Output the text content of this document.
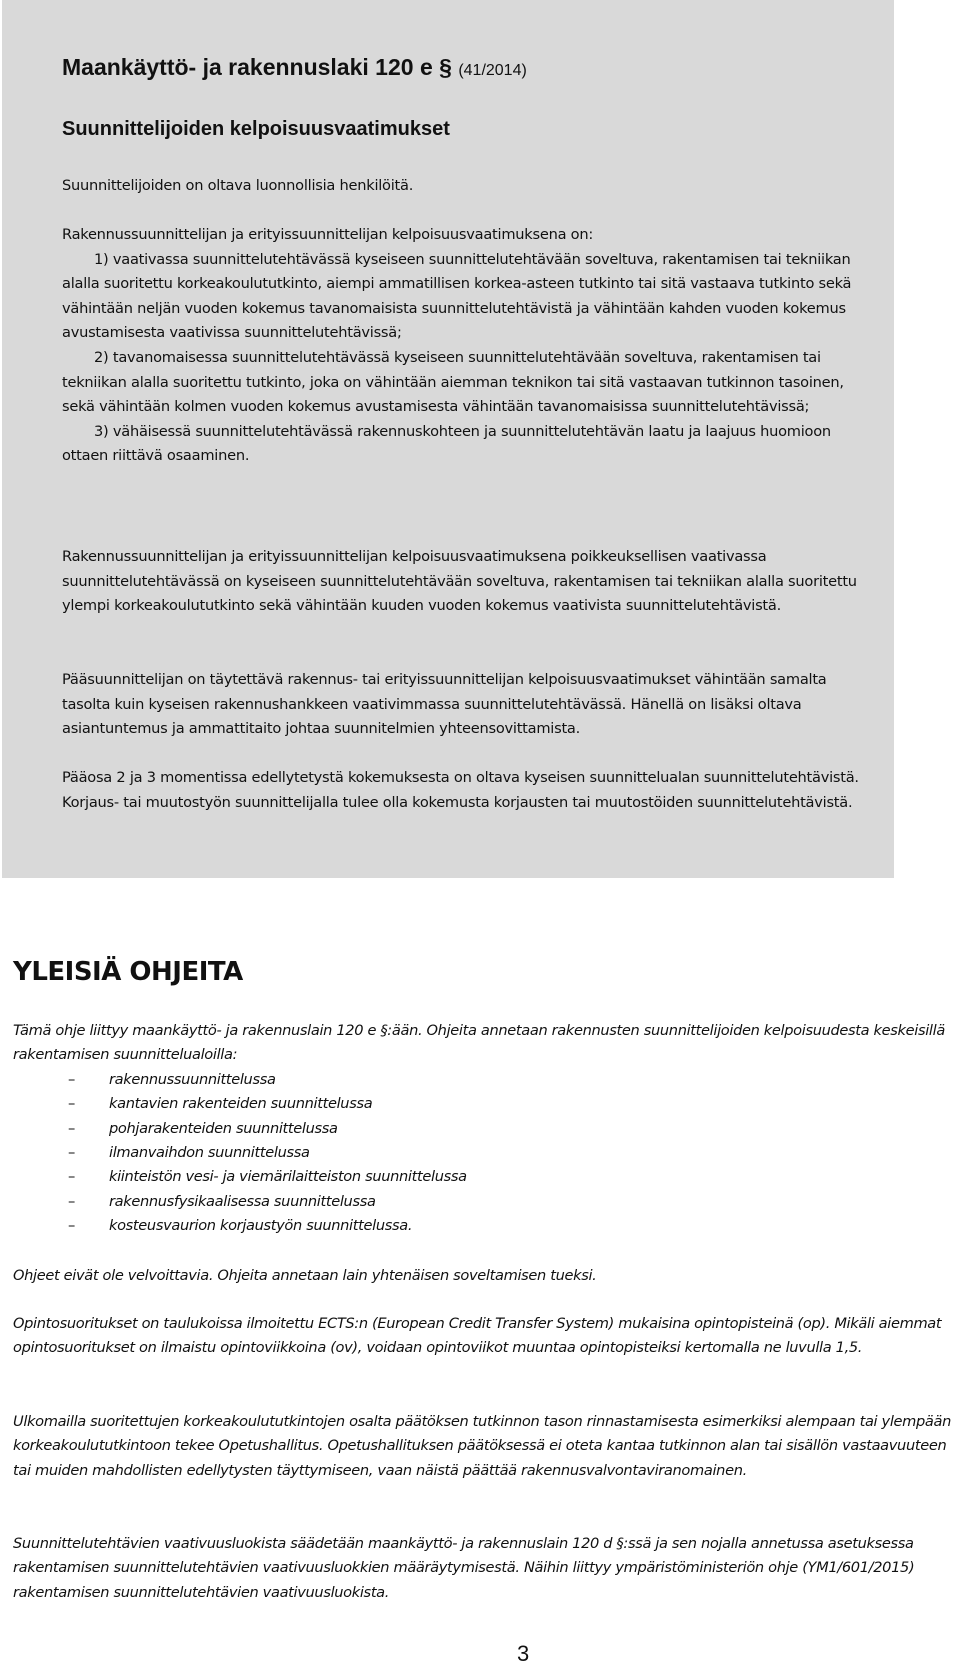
Maankäyttö- ja rakennuslaki 120 e § (41/2014)
Suunnittelijoiden kelpoisuusvaatimukset

Suunnittelijoiden on oltava luonnollisia henkilöitä.

Rakennussuunnittelijan ja erityissuunnittelijan kelpoisuusvaatimuksena on:

1) vaativassa suunnittelutehtävässä kyseiseen suunnittelutehtävään soveltuva, rakentamisen tai tekniikan alalla suoritettu korkeakoulututkinto, aiempi ammatillisen korkea-asteen tutkinto tai sitä vastaava tutkinto sekä vähintään neljän vuoden kokemus tavanomaisista suunnittelutehtävistä ja vähintään kahden vuoden kokemus avustamisesta vaativissa suunnittelutehtävissä;

2) tavanomaisessa suunnittelutehtävässä kyseiseen suunnittelutehtävään soveltuva, rakentamisen tai tekniikan alalla suoritettu tutkinto, joka on vähintään aiemman teknikon tai sitä vastaavan tutkinnon tasoinen, sekä vähintään kolmen vuoden kokemus avustamisesta vähintään tavanomaisissa suunnittelutehtävissä;

3) vähäisessä suunnittelutehtävässä rakennuskohteen ja suunnittelutehtävän laatu ja laajuus huomioon ottaen riittävä osaaminen.

Rakennussuunnittelijan ja erityissuunnittelijan kelpoisuusvaatimuksena poikkeuksellisen vaativassa suunnittelutehtävässä on kyseiseen suunnittelutehtävään soveltuva, rakentamisen tai tekniikan alalla suoritettu ylempi korkeakoulututkinto sekä vähintään kuuden vuoden kokemus vaativista suunnittelutehtävistä.

Pääsuunnittelijan on täytettävä rakennus- tai erityissuunnittelijan kelpoisuusvaatimukset vähintään samalta tasolta kuin kyseisen rakennushankkeen vaativimmassa suunnittelutehtävässä. Hänellä on lisäksi oltava asiantuntemus ja ammattitaito johtaa suunnitelmien yhteensovittamista.

Pääosa 2 ja 3 momentissa edellytetystä kokemuksesta on oltava kyseisen suunnittelualan suunnittelutehtävistä. Korjaus- tai muutostyön suunnittelijalla tulee olla kokemusta korjausten tai muutostöiden suunnittelutehtävistä.

YLEISIÄ OHJEITA

Tämä ohje liittyy maankäyttö- ja rakennuslain 120 e §:ään. Ohjeita annetaan rakennusten suunnittelijoiden kelpoisuudesta keskeisillä rakentamisen suunnittelualoilla:

– rakennussuunnittelussa
– kantavien rakenteiden suunnittelussa
– pohjarakenteiden suunnittelussa
– ilmanvaihdon suunnittelussa
– kiinteistön vesi- ja viemärilaitteiston suunnittelussa
– rakennusfysikaalisessa suunnittelussa
– kosteusvaurion korjaustyön suunnittelussa.

Ohjeet eivät ole velvoittavia. Ohjeita annetaan lain yhtenäisen soveltamisen tueksi.

Opintosuoritukset on taulukoissa ilmoitettu ECTS:n (European Credit Transfer System) mukaisina opintopisteinä (op). Mikäli aiemmat opintosuoritukset on ilmaistu opintoviikkoina (ov), voidaan opintoviikot muuntaa opintopisteiksi kertomalla ne luvulla 1,5.

Ulkomailla suoritettujen korkeakoulututkintojen osalta päätöksen tutkinnon tason rinnastamisesta esimerkiksi alempaan tai ylempään korkeakoulututkintoon tekee Opetushallitus. Opetushallituksen päätöksessä ei oteta kantaa tutkinnon alan tai sisällön vastaavuuteen tai muiden mahdollisten edellytysten täyttymiseen, vaan näistä päättää rakennusvalvontaviranomainen.

Suunnittelutehtävien vaativuusluokista säädetään maankäyttö- ja rakennuslain 120 d §:ssä ja sen nojalla annetussa asetuksessa rakentamisen suunnittelutehtävien vaativuusluokkien määräytymisestä. Näihin liittyy ympäristöministeriön ohje (YM1/601/2015) rakentamisen suunnittelutehtävien vaativuusluokista.

3
